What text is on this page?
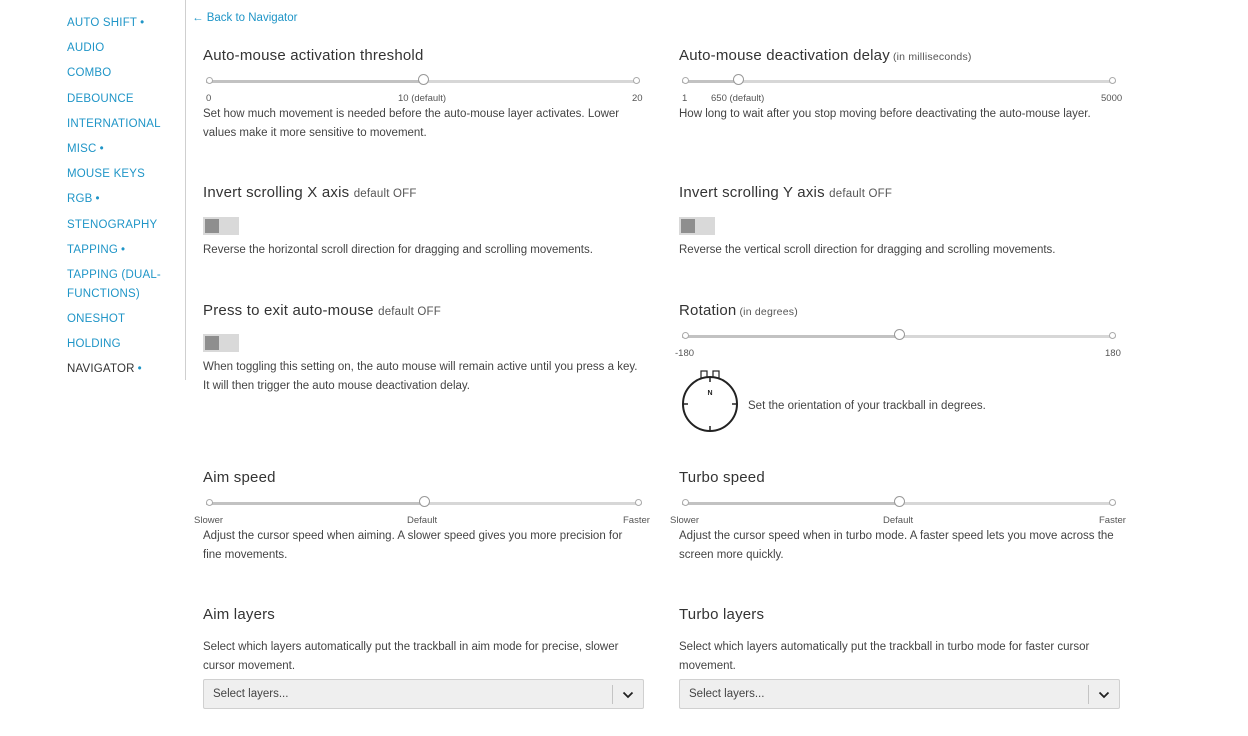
AUTO SHIFT •
AUDIO
COMBO
DEBOUNCE
INTERNATIONAL
MISC •
MOUSE KEYS
RGB •
STENOGRAPHY
TAPPING •
TAPPING (DUAL-FUNCTIONS)
ONESHOT
HOLDING
NAVIGATOR •
← Back to Navigator
Auto-mouse activation threshold
0	10 (default)	20
Set how much movement is needed before the auto-mouse layer activates. Lower values make it more sensitive to movement.
Auto-mouse deactivation delay (in milliseconds)
1 650 (default)	5000
How long to wait after you stop moving before deactivating the auto-mouse layer.
Invert scrolling X axis default OFF
Reverse the horizontal scroll direction for dragging and scrolling movements.
Invert scrolling Y axis default OFF
Reverse the vertical scroll direction for dragging and scrolling movements.
Press to exit auto-mouse default OFF
When toggling this setting on, the auto mouse will remain active until you press a key. It will then trigger the auto mouse deactivation delay.
Rotation (in degrees)
-180	180
N
Set the orientation of your trackball in degrees.
Aim speed
Slower	Default	Faster
Adjust the cursor speed when aiming. A slower speed gives you more precision for fine movements.
Turbo speed
Slower	Default	Faster
Adjust the cursor speed when in turbo mode. A faster speed lets you move across the screen more quickly.
Aim layers
Select which layers automatically put the trackball in aim mode for precise, slower cursor movement.
Select layers...
Turbo layers
Select which layers automatically put the trackball in turbo mode for faster cursor movement.
Select layers...
